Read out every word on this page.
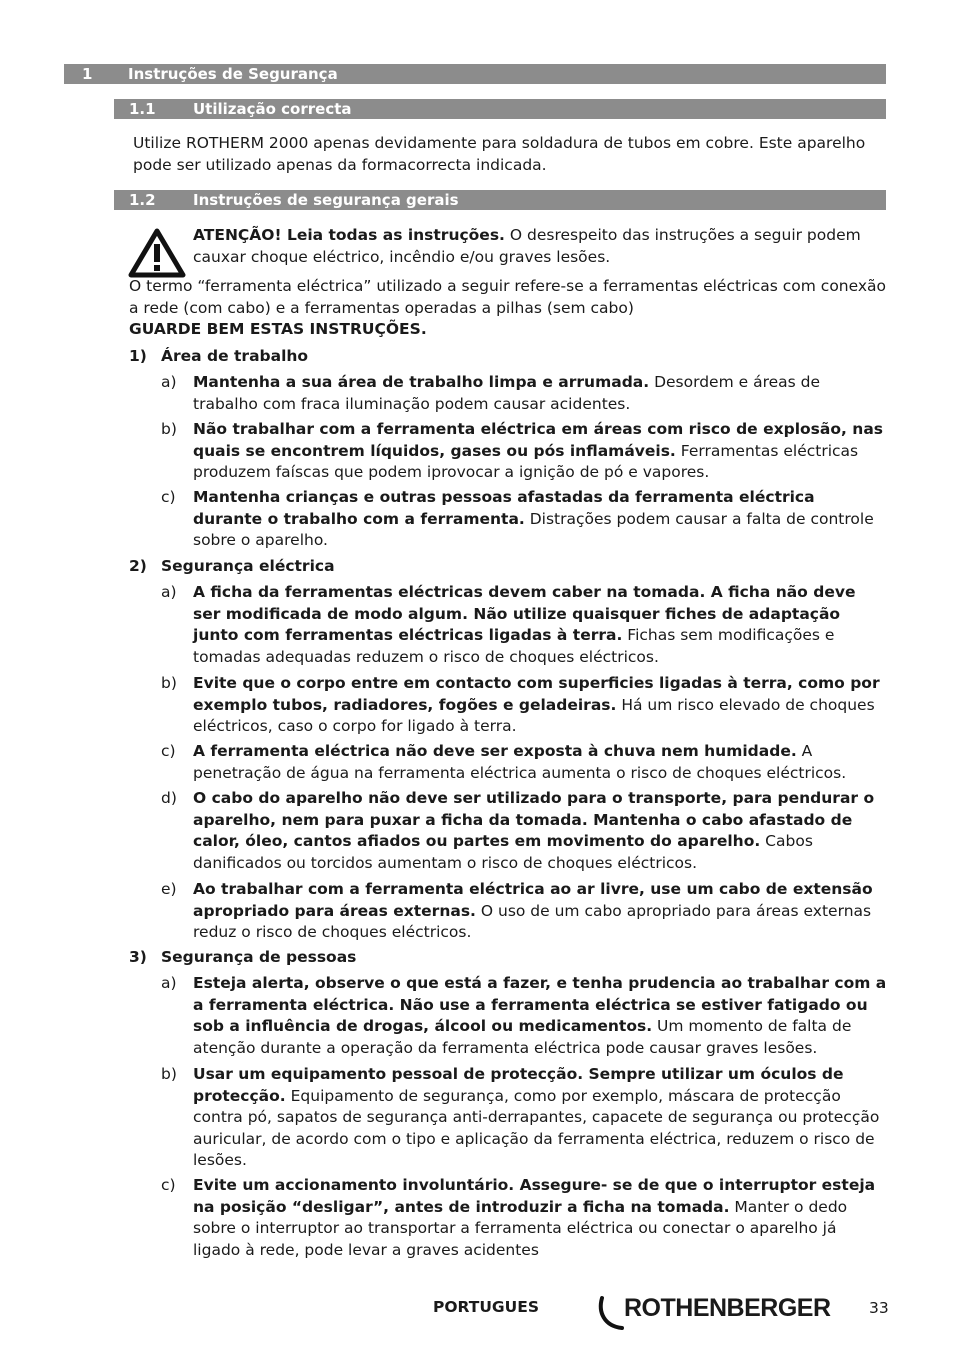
1 Instruções de Segurança
1.1 Utilização correcta
Utilize ROTHERM 2000 apenas devidamente para soldadura de tubos em cobre. Este aparelho pode ser utilizado apenas da formacorrecta indicada.
1.2 Instruções de segurança gerais
ATENÇÃO! Leia todas as instruções. O desrespeito das instruções a seguir podem cauxar choque eléctrico, incêndio e/ou graves lesões.
O termo “ferramenta eléctrica” utilizado a seguir refere-se a ferramentas eléctricas com conexão a rede (com cabo) e a ferramentas operadas a pilhas (sem cabo)
GUARDE BEM ESTAS INSTRUÇÕES.
1) Área de trabalho
a) Mantenha a sua área de trabalho limpa e arrumada. Desordem e áreas de trabalho com fraca iluminação podem causar acidentes.
b) Não trabalhar com a ferramenta eléctrica em áreas com risco de explosão, nas quais se encontrem líquidos, gases ou pós inflamáveis. Ferramentas eléctricas produzem faíscas que podem iprovocar a ignição de pó e vapores.
c) Mantenha crianças e outras pessoas afastadas da ferramenta eléctrica durante o trabalho com a ferramenta. Distrações podem causar a falta de controle sobre o aparelho.
2) Segurança eléctrica
a) A ficha da ferramentas eléctricas devem caber na tomada. A ficha não deve ser modificada de modo algum. Não utilize quaisquer fiches de adaptação junto com ferramentas eléctricas ligadas à terra. Fichas sem modificações e tomadas adequadas reduzem o risco de choques eléctricos.
b) Evite que o corpo entre em contacto com superficies ligadas à terra, como por exemplo tubos, radiadores, fogões e geladeiras. Há um risco elevado de choques eléctricos, caso o corpo for ligado à terra.
c) A ferramenta eléctrica não deve ser exposta à chuva nem humidade. A penetração de água na ferramenta eléctrica aumenta o risco de choques eléctricos.
d) O cabo do aparelho não deve ser utilizado para o transporte, para pendurar o aparelho, nem para puxar a ficha da tomada. Mantenha o cabo afastado de calor, óleo, cantos afiados ou partes em movimento do aparelho. Cabos danificados ou torcidos aumentam o risco de choques eléctricos.
e) Ao trabalhar com a ferramenta eléctrica ao ar livre, use um cabo de extensão apropriado para áreas externas. O uso de um cabo apropriado para áreas externas reduz o risco de choques eléctricos.
3) Segurança de pessoas
a) Esteja alerta, observe o que está a fazer, e tenha prudencia ao trabalhar com a a ferramenta eléctrica. Não use a ferramenta eléctrica se estiver fatigado ou sob a influência de drogas, álcool ou medicamentos. Um momento de falta de atenção durante a operação da ferramenta eléctrica pode causar graves lesões.
b) Usar um equipamento pessoal de protecção. Sempre utilizar um óculos de protecção. Equipamento de segurança, como por exemplo, máscara de protecção contra pó, sapatos de segurança anti-derrapantes, capacete de segurança ou protecção auricular, de acordo com o tipo e aplicação da ferramenta eléctrica, reduzem o risco de lesões.
c) Evite um accionamento involuntário. Assegure- se de que o interruptor esteja na posição “desligar”, antes de introduzir a ficha na tomada. Manter o dedo sobre o interruptor ao transportar a ferramenta eléctrica ou conectar o aparelho já ligado à rede, pode levar a graves acidentes
PORTUGUES	ROTHENBERGER 33
